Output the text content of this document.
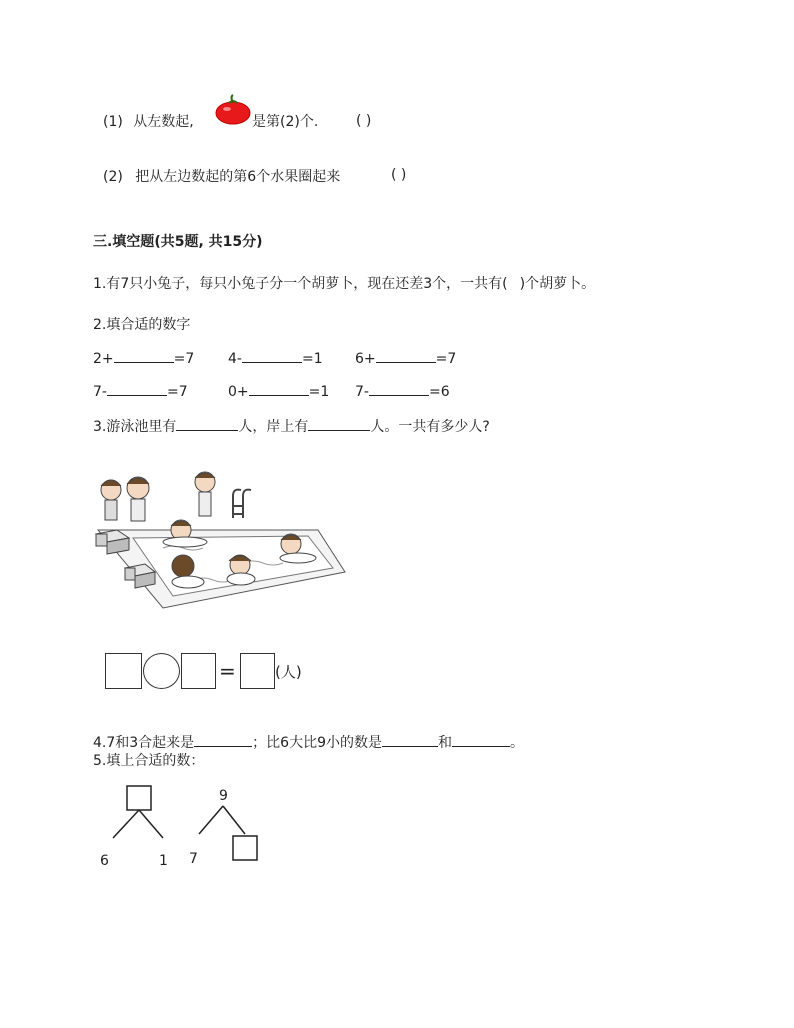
(1) 从左数起,	是第(2)个.	( )
(2) 把从左边数起的第6个水果圈起来	( )
三.填空题(共5题, 共15分)
1.有7只小兔子，每只小兔子分一个胡萝卜，现在还差3个，一共有( )个胡萝卜。
2.填合适的数字
2+	=7 4-	=1 6+	=7
7-	=7	0+	=1 7-	=6
3.游泳池里有	人，岸上有	人。一共有多少人?
=	(人)
4.7和3合起来是	；比6大比9小的数是	和	。
5.填上合适的数：
6	1
9
7
